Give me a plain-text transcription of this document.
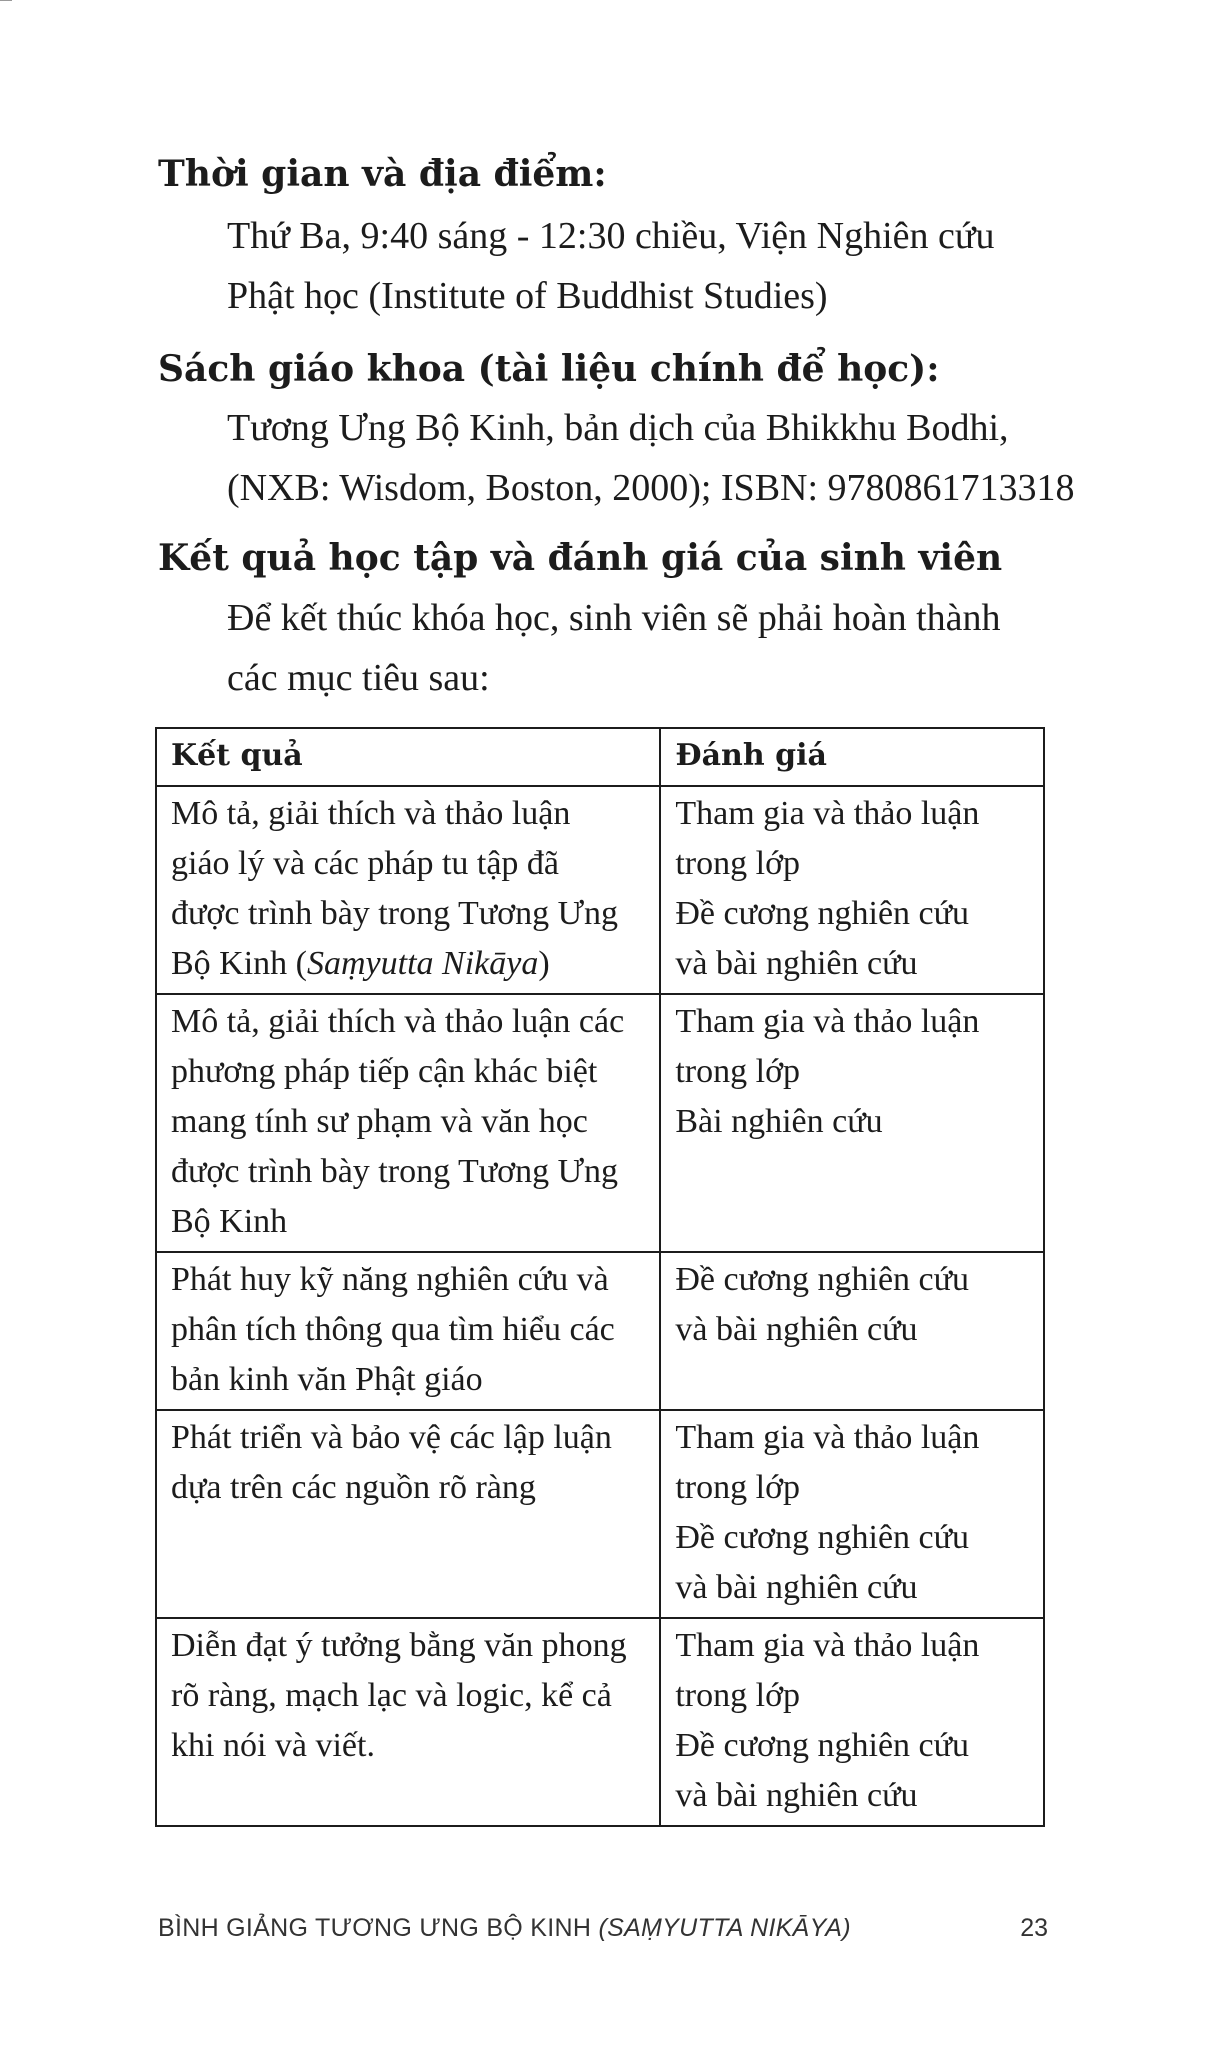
Thời gian và địa điểm:
Thứ Ba, 9:40 sáng - 12:30 chiều, Viện Nghiên cứu
Phật học (Institute of Buddhist Studies)
Sách giáo khoa (tài liệu chính để học):
Tương Ưng Bộ Kinh, bản dịch của Bhikkhu Bodhi,
(NXB: Wisdom, Boston, 2000); ISBN: 9780861713318
Kết quả học tập và đánh giá của sinh viên
Để kết thúc khóa học, sinh viên sẽ phải hoàn thành
các mục tiêu sau:
Kết quả	Đánh giá

Mô tả, giải thích và thảo luận
giáo lý và các pháp tu tập đã
được trình bày trong Tương Ưng
Bộ Kinh (Saṃyutta Nikāya)	Tham gia và thảo luận
trong lớp
Đề cương nghiên cứu
và bài nghiên cứu

Mô tả, giải thích và thảo luận các
phương pháp tiếp cận khác biệt
mang tính sư phạm và văn học
được trình bày trong Tương Ưng
Bộ Kinh	Tham gia và thảo luận
trong lớp
Bài nghiên cứu

Phát huy kỹ năng nghiên cứu và
phân tích thông qua tìm hiểu các
bản kinh văn Phật giáo	Đề cương nghiên cứu
và bài nghiên cứu

Phát triển và bảo vệ các lập luận
dựa trên các nguồn rõ ràng	Tham gia và thảo luận
trong lớp
Đề cương nghiên cứu
và bài nghiên cứu

Diễn đạt ý tưởng bằng văn phong
rõ ràng, mạch lạc và logic, kể cả
khi nói và viết.	Tham gia và thảo luận
trong lớp
Đề cương nghiên cứu
và bài nghiên cứu
BÌNH GIẢNG TƯƠNG ƯNG BỘ KINH (SAṂYUTTA NIKĀYA)	23
